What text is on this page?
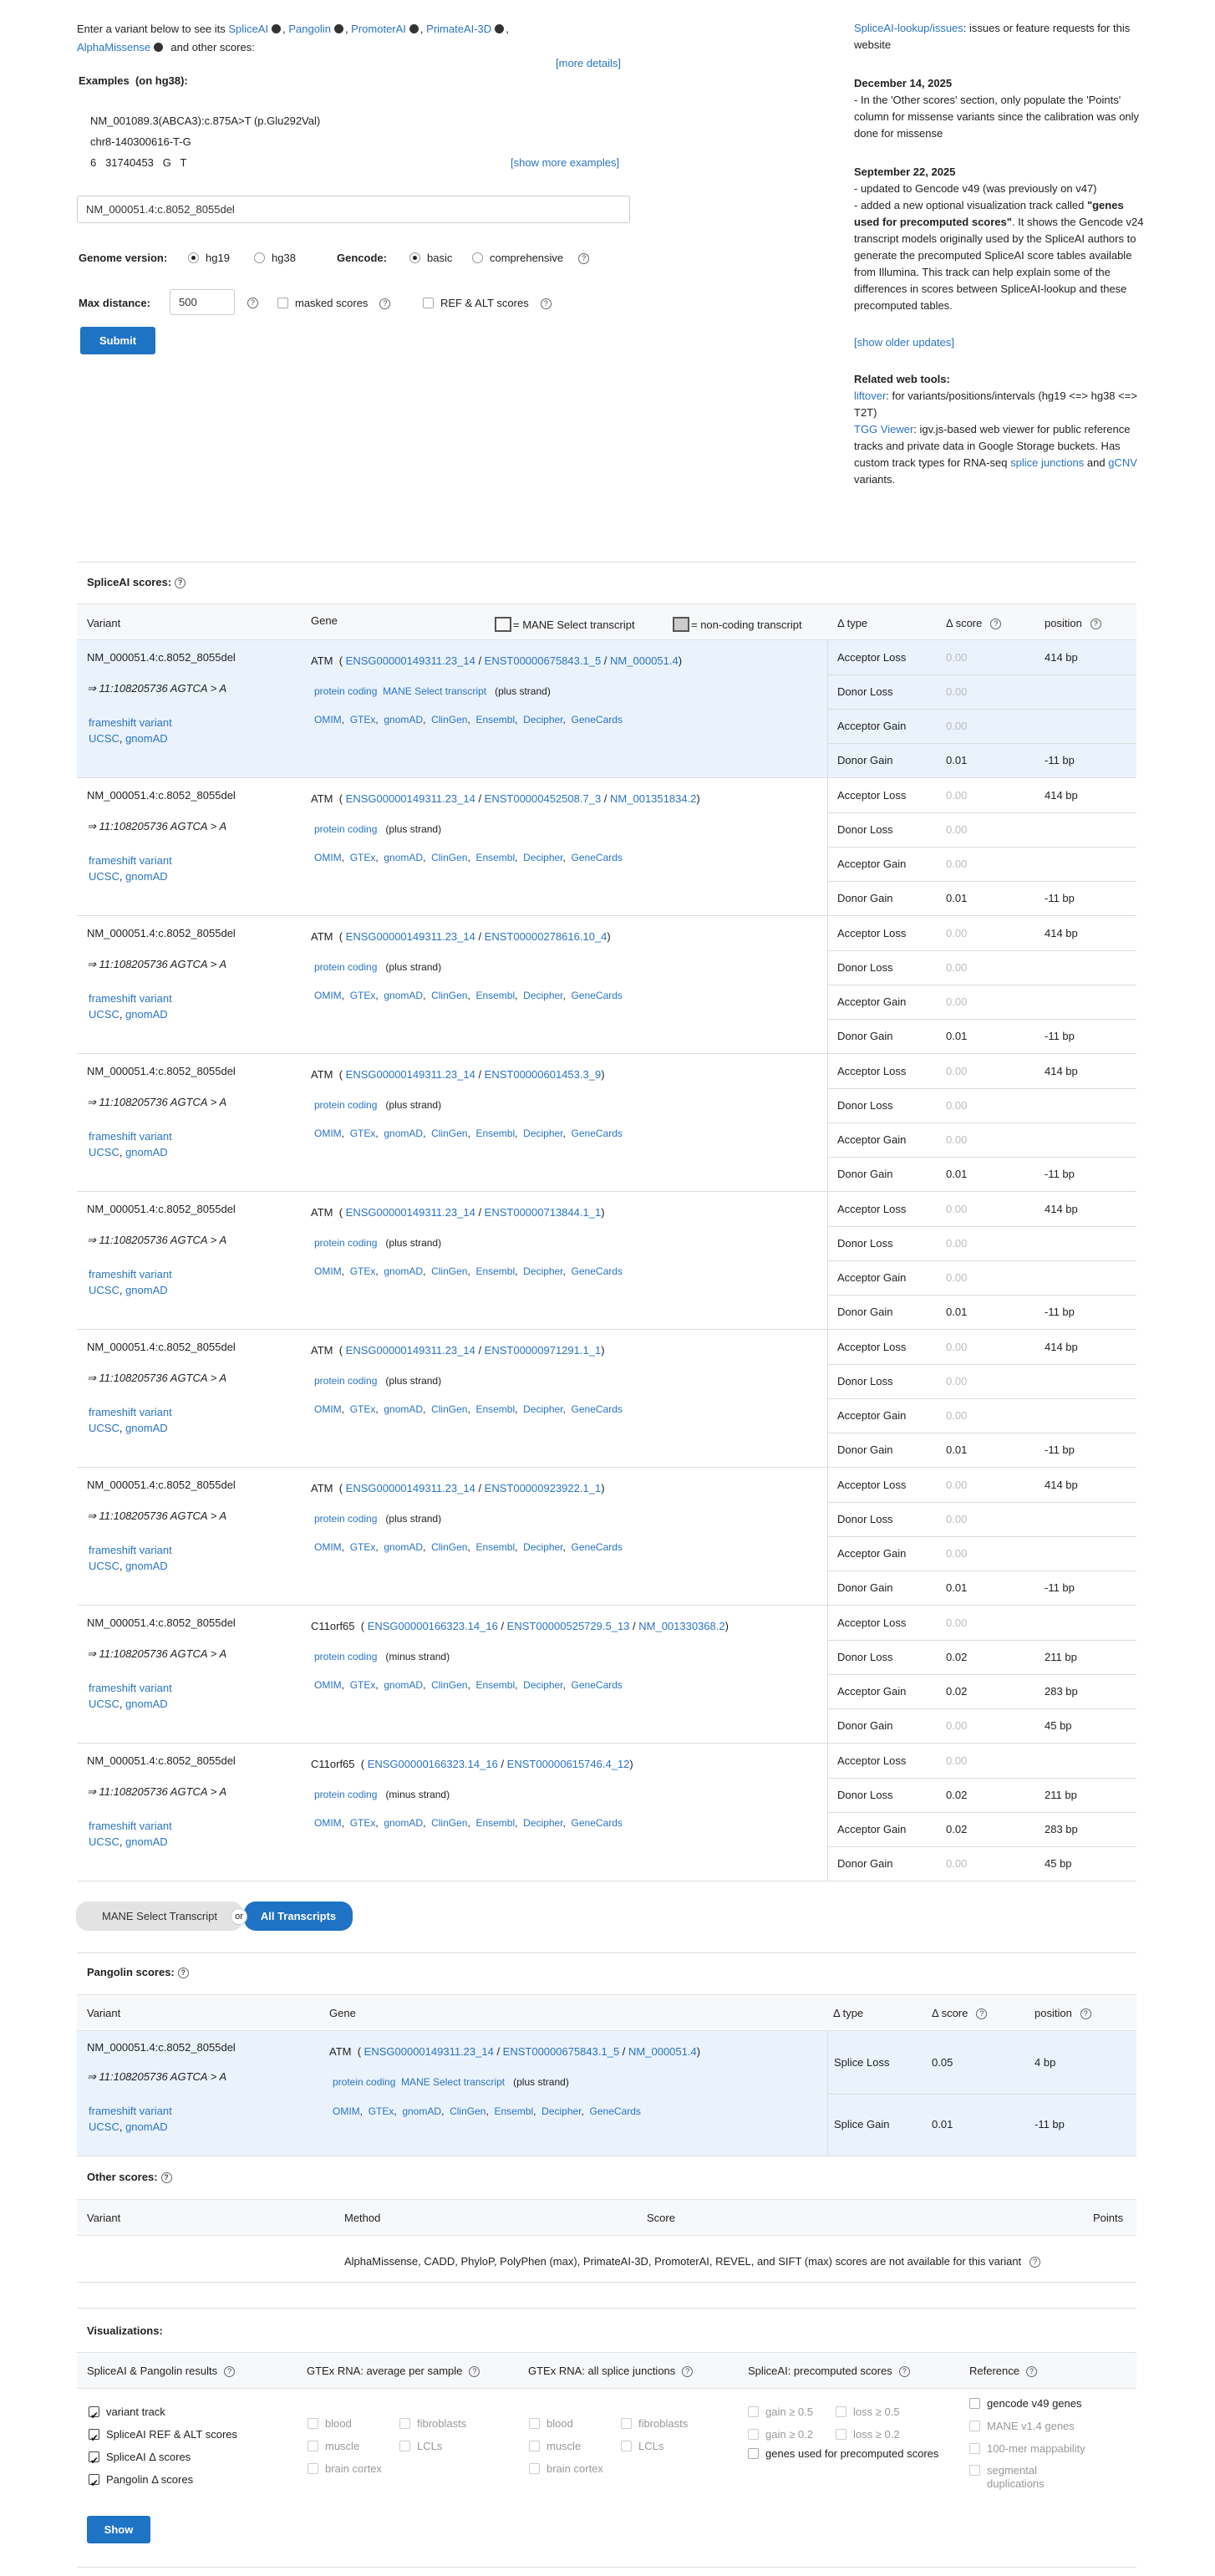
Enter a variant below to see its SpliceAI , Pangolin , PromoterAI , PrimateAI-3D ,
AlphaMissense and other scores:
[more details]
Examples (on hg38):
NM_001089.3(ABCA3):c.875A>T (p.Glu292Val)
chr8-140300616-T-G
6   31740453   G   T	[show more examples]
NM_000051.4:c.8052_8055del
Genome version:	hg19	hg38	Gencode:	basic	comprehensive ?
Max distance:	500	?	masked scores ?	REF & ALT scores ?
Submit

SpliceAI-lookup/issues: issues or feature requests for this website

December 14, 2025

- In the 'Other scores' section, only populate the 'Points' column for missense variants since the calibration was only done for missense

September 22, 2025

- updated to Gencode v49 (was previously on v47)

- added a new optional visualization track called "genes used for precomputed scores". It shows the Gencode v24 transcript models originally used by the SpliceAI authors to generate the precomputed SpliceAI score tables available from Illumina. This track can help explain some of the differences in scores between SpliceAI-lookup and these precomputed tables.

[show older updates]

Related web tools:

liftover: for variants/positions/intervals (hg19 <=> hg38 <=> T2T)

TGG Viewer: igv.js-based web viewer for public reference tracks and private data in Google Storage buckets. Has custom track types for RNA-seq splice junctions and gCNV variants.

SpliceAI scores: ?
Variant	Gene	= MANE Select transcript	= non-coding transcript	Δ type	Δ score ?	position ?
NM_000051.4:c.8052_8055del
⇒ 11:108205736 AGTCA > A
frameshift variant
UCSC, gnomAD
ATM  ( ENSG00000149311.23_14 / ENST00000675843.1_5 / NM_000051.4)
protein coding MANE Select transcript (plus strand)
OMIM,  GTEx,  gnomAD,  ClinGen,  Ensembl,  Decipher,  GeneCards
Acceptor Loss	0.00	414 bp
Donor Loss	0.00
Acceptor Gain	0.00
Donor Gain	0.01	-11 bp
NM_000051.4:c.8052_8055del
⇒ 11:108205736 AGTCA > A
frameshift variant
UCSC, gnomAD
ATM  ( ENSG00000149311.23_14 / ENST00000452508.7_3 / NM_001351834.2)
protein coding (plus strand)
OMIM,  GTEx,  gnomAD,  ClinGen,  Ensembl,  Decipher,  GeneCards
Acceptor Loss	0.00	414 bp
Donor Loss	0.00
Acceptor Gain	0.00
Donor Gain	0.01	-11 bp
NM_000051.4:c.8052_8055del
⇒ 11:108205736 AGTCA > A
frameshift variant
UCSC, gnomAD
ATM  ( ENSG00000149311.23_14 / ENST00000278616.10_4)
protein coding (plus strand)
OMIM,  GTEx,  gnomAD,  ClinGen,  Ensembl,  Decipher,  GeneCards
Acceptor Loss	0.00	414 bp
Donor Loss	0.00
Acceptor Gain	0.00
Donor Gain	0.01	-11 bp
NM_000051.4:c.8052_8055del
⇒ 11:108205736 AGTCA > A
frameshift variant
UCSC, gnomAD
ATM  ( ENSG00000149311.23_14 / ENST00000601453.3_9)
protein coding (plus strand)
OMIM,  GTEx,  gnomAD,  ClinGen,  Ensembl,  Decipher,  GeneCards
Acceptor Loss	0.00	414 bp
Donor Loss	0.00
Acceptor Gain	0.00
Donor Gain	0.01	-11 bp
NM_000051.4:c.8052_8055del
⇒ 11:108205736 AGTCA > A
frameshift variant
UCSC, gnomAD
ATM  ( ENSG00000149311.23_14 / ENST00000713844.1_1)
protein coding (plus strand)
OMIM,  GTEx,  gnomAD,  ClinGen,  Ensembl,  Decipher,  GeneCards
Acceptor Loss	0.00	414 bp
Donor Loss	0.00
Acceptor Gain	0.00
Donor Gain	0.01	-11 bp
NM_000051.4:c.8052_8055del
⇒ 11:108205736 AGTCA > A
frameshift variant
UCSC, gnomAD
ATM  ( ENSG00000149311.23_14 / ENST00000971291.1_1)
protein coding (plus strand)
OMIM,  GTEx,  gnomAD,  ClinGen,  Ensembl,  Decipher,  GeneCards
Acceptor Loss	0.00	414 bp
Donor Loss	0.00
Acceptor Gain	0.00
Donor Gain	0.01	-11 bp
NM_000051.4:c.8052_8055del
⇒ 11:108205736 AGTCA > A
frameshift variant
UCSC, gnomAD
ATM  ( ENSG00000149311.23_14 / ENST00000923922.1_1)
protein coding (plus strand)
OMIM,  GTEx,  gnomAD,  ClinGen,  Ensembl,  Decipher,  GeneCards
Acceptor Loss	0.00	414 bp
Donor Loss	0.00
Acceptor Gain	0.00
Donor Gain	0.01	-11 bp
NM_000051.4:c.8052_8055del
⇒ 11:108205736 AGTCA > A
frameshift variant
UCSC, gnomAD
C11orf65  ( ENSG00000166323.14_16 / ENST00000525729.5_13 / NM_001330368.2)
protein coding (minus strand)
OMIM,  GTEx,  gnomAD,  ClinGen,  Ensembl,  Decipher,  GeneCards
Acceptor Loss	0.00
Donor Loss	0.02	211 bp
Acceptor Gain	0.02	283 bp
Donor Gain	0.00	45 bp
NM_000051.4:c.8052_8055del
⇒ 11:108205736 AGTCA > A
frameshift variant
UCSC, gnomAD
C11orf65  ( ENSG00000166323.14_16 / ENST00000615746.4_12)
protein coding (minus strand)
OMIM,  GTEx,  gnomAD,  ClinGen,  Ensembl,  Decipher,  GeneCards
Acceptor Loss	0.00
Donor Loss	0.02	211 bp
Acceptor Gain	0.02	283 bp
Donor Gain	0.00	45 bp
MANE Select Transcript	or	All Transcripts
Pangolin scores: ?
Variant	Gene	Δ type	Δ score ?	position ?
NM_000051.4:c.8052_8055del
⇒ 11:108205736 AGTCA > A
frameshift variant
UCSC, gnomAD
ATM  ( ENSG00000149311.23_14 / ENST00000675843.1_5 / NM_000051.4)
protein coding MANE Select transcript (plus strand)
OMIM,  GTEx,  gnomAD,  ClinGen,  Ensembl,  Decipher,  GeneCards
Splice Loss	0.05	4 bp
Splice Gain	0.01	-11 bp
Other scores: ?
Variant	Method	Score	Points
AlphaMissense, CADD, PhyloP, PolyPhen (max), PrimateAI-3D, PromoterAI, REVEL, and SIFT (max) scores are not available for this variant ?
Visualizations:
SpliceAI & Pangolin results ?	GTEx RNA: average per sample ?	GTEx RNA: all splice junctions ?	SpliceAI: precomputed scores ?	Reference ?
✔variant track
✔SpliceAI REF & ALT scores
✔SpliceAI Δ scores
✔Pangolin Δ scores
blood	fibroblasts
muscle	LCLs
brain cortex
blood	fibroblasts
muscle	LCLs
brain cortex
gain ≥ 0.5	loss ≥ 0.5
gain ≥ 0.2	loss ≥ 0.2
genes used for precomputed scores
gencode v49 genes
MANE v1.4 genes
100-mer mappability
segmental duplications
Show
